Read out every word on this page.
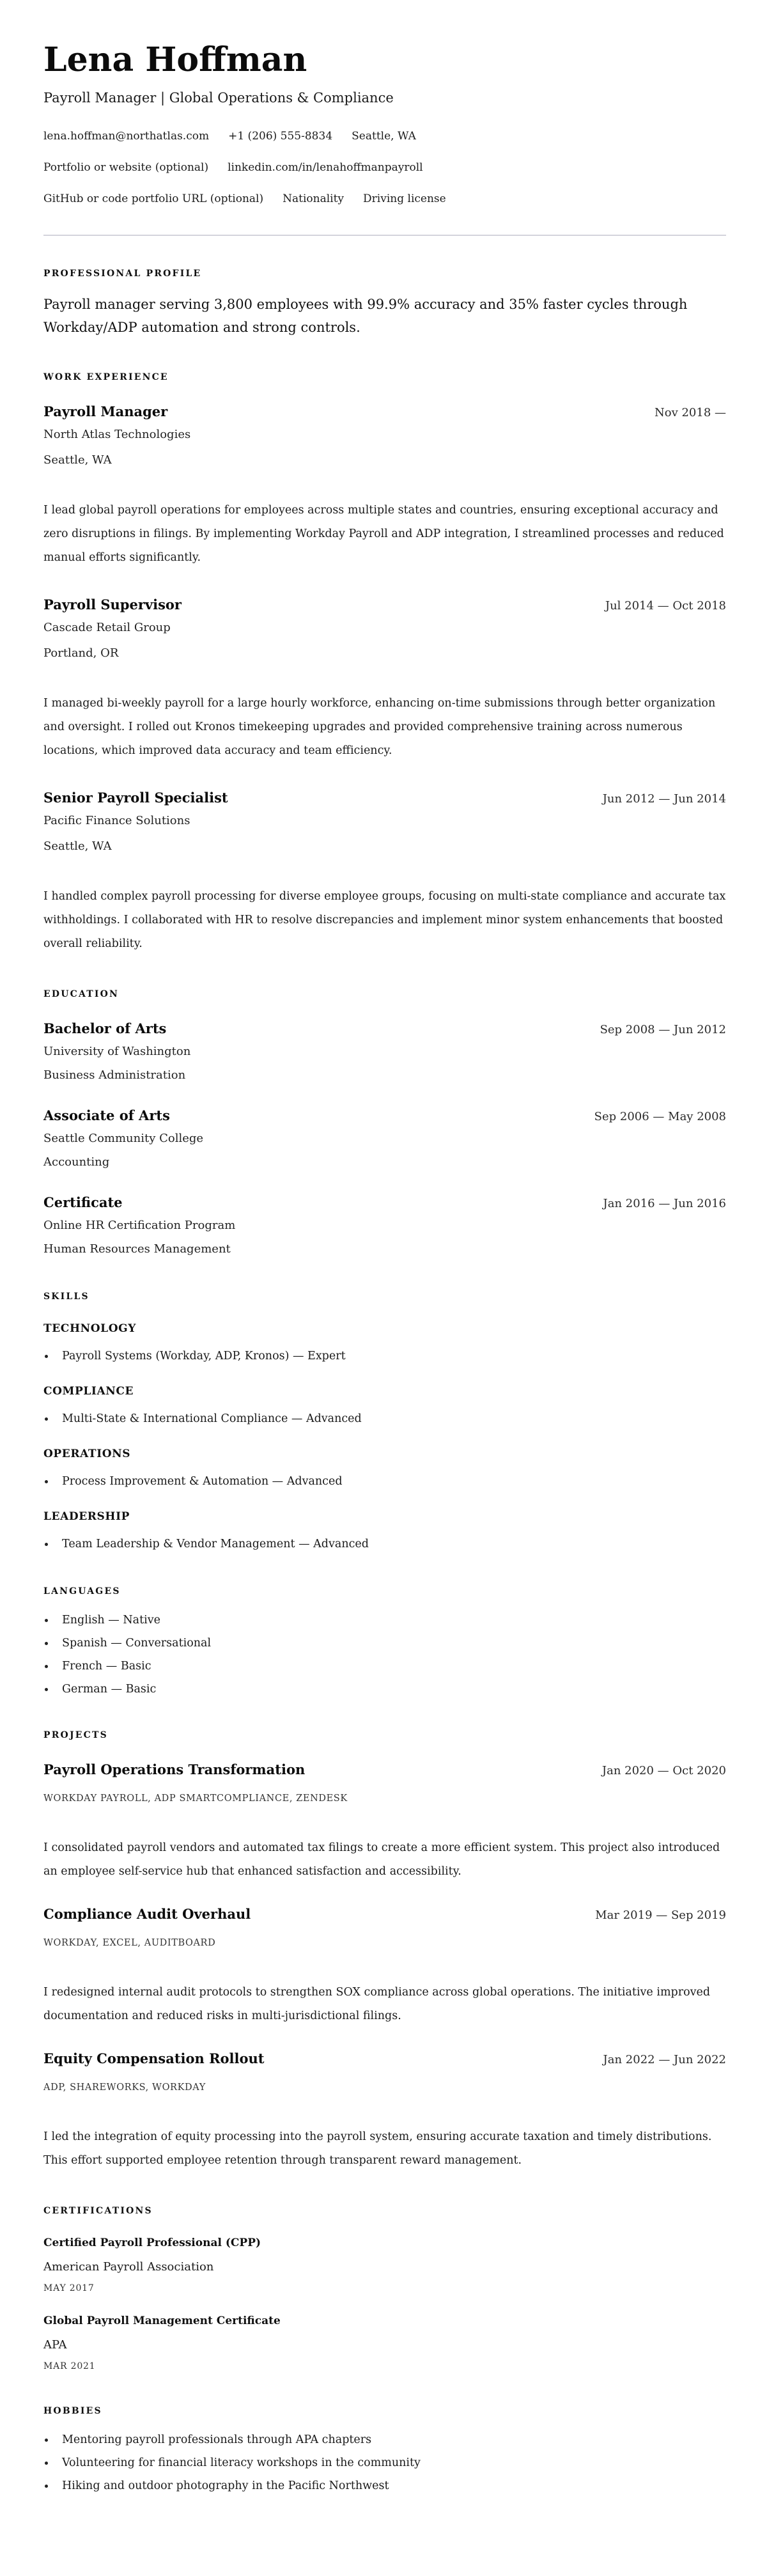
Lena Hoffman
Payroll Manager | Global Operations & Compliance
lena.hoffman@northatlas.com +1 (206) 555-8834 Seattle, WA
Portfolio or website (optional) linkedin.com/in/lenahoffmanpayroll
GitHub or code portfolio URL (optional) Nationality Driving license
PROFESSIONAL PROFILE
Payroll manager serving 3,800 employees with 99.9% accuracy and 35% faster cycles through Workday/ADP automation and strong controls.
WORK EXPERIENCE
Payroll Manager	Nov 2018 —
North Atlas Technologies
Seattle, WA
I lead global payroll operations for employees across multiple states and countries, ensuring exceptional accuracy and zero disruptions in filings. By implementing Workday Payroll and ADP integration, I streamlined processes and reduced manual efforts significantly.
Payroll Supervisor	Jul 2014 — Oct 2018
Cascade Retail Group
Portland, OR
I managed bi-weekly payroll for a large hourly workforce, enhancing on-time submissions through better organization and oversight. I rolled out Kronos timekeeping upgrades and provided comprehensive training across numerous locations, which improved data accuracy and team efficiency.
Senior Payroll Specialist	Jun 2012 — Jun 2014
Pacific Finance Solutions
Seattle, WA
I handled complex payroll processing for diverse employee groups, focusing on multi-state compliance and accurate tax withholdings. I collaborated with HR to resolve discrepancies and implement minor system enhancements that boosted overall reliability.
EDUCATION
Bachelor of Arts	Sep 2008 — Jun 2012
University of Washington
Business Administration
Associate of Arts	Sep 2006 — May 2008
Seattle Community College
Accounting
Certificate	Jan 2016 — Jun 2016
Online HR Certification Program
Human Resources Management
SKILLS
TECHNOLOGY
Payroll Systems (Workday, ADP, Kronos) — Expert
COMPLIANCE
Multi-State & International Compliance — Advanced
OPERATIONS
Process Improvement & Automation — Advanced
LEADERSHIP
Team Leadership & Vendor Management — Advanced
LANGUAGES
English — Native
Spanish — Conversational
French — Basic
German — Basic
PROJECTS
Payroll Operations Transformation	Jan 2020 — Oct 2020
WORKDAY PAYROLL, ADP SMARTCOMPLIANCE, ZENDESK
I consolidated payroll vendors and automated tax filings to create a more efficient system. This project also introduced an employee self-service hub that enhanced satisfaction and accessibility.
Compliance Audit Overhaul	Mar 2019 — Sep 2019
WORKDAY, EXCEL, AUDITBOARD
I redesigned internal audit protocols to strengthen SOX compliance across global operations. The initiative improved documentation and reduced risks in multi-jurisdictional filings.
Equity Compensation Rollout	Jan 2022 — Jun 2022
ADP, SHAREWORKS, WORKDAY
I led the integration of equity processing into the payroll system, ensuring accurate taxation and timely distributions. This effort supported employee retention through transparent reward management.
CERTIFICATIONS
Certified Payroll Professional (CPP)
American Payroll Association
MAY 2017
Global Payroll Management Certificate
APA
MAR 2021
HOBBIES
Mentoring payroll professionals through APA chapters
Volunteering for financial literacy workshops in the community
Hiking and outdoor photography in the Pacific Northwest
